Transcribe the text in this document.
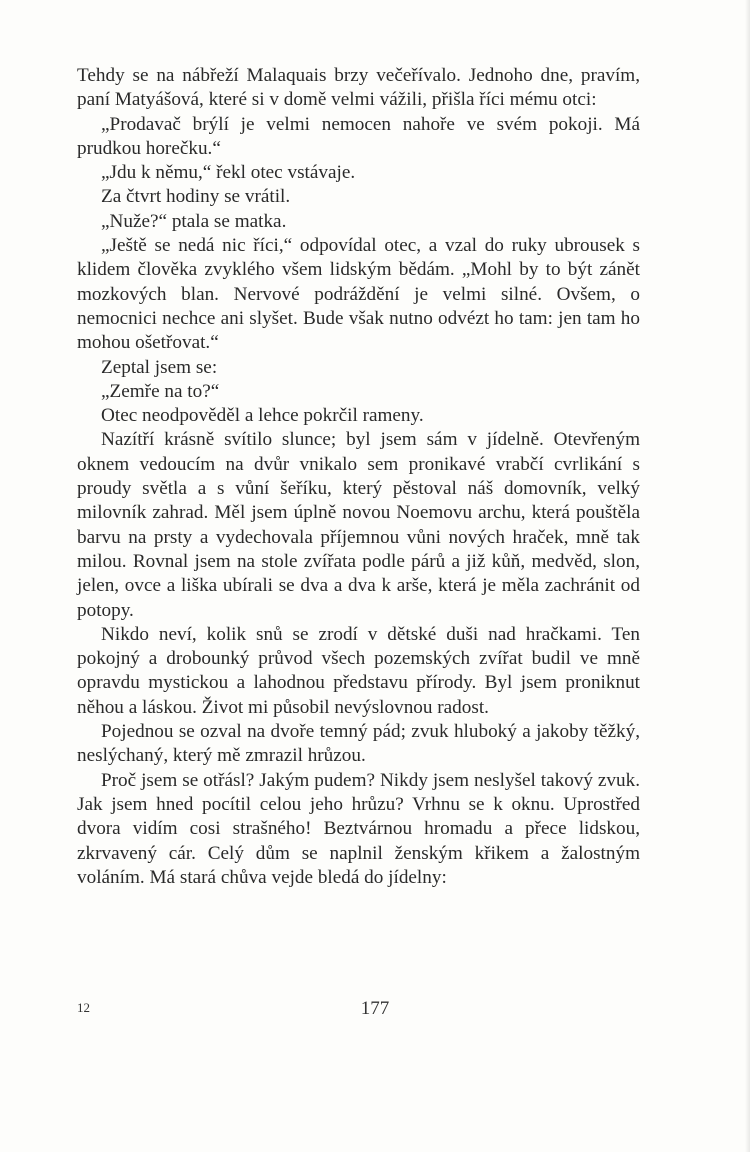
Tehdy se na nábřeží Malaquais brzy večeřívalo. Jednoho dne, pravím, paní Matyášová, které si v domě velmi vážili, přišla říci mému otci:

„Prodavač brýlí je velmi nemocen nahoře ve svém pokoji. Má prudkou horečku.“

„Jdu k němu,“ řekl otec vstávaje.

Za čtvrt hodiny se vrátil.

„Nuže?“ ptala se matka.

„Ještě se nedá nic říci,“ odpovídal otec, a vzal do ruky ubrousek s klidem člověka zvyklého všem lidským bědám. „Mohl by to být zánět mozkových blan. Nervové podráždění je velmi silné. Ovšem, o nemocnici nechce ani slyšet. Bude však nutno odvézt ho tam: jen tam ho mohou ošetřovat.“

Zeptal jsem se:

„Zemře na to?“

Otec neodpověděl a lehce pokrčil rameny.

Nazítří krásně svítilo slunce; byl jsem sám v jídelně. Otevřeným oknem vedoucím na dvůr vnikalo sem pronikavé vrabčí cvrlikání s proudy světla a s vůní šeříku, který pěstoval náš domovník, velký milovník zahrad. Měl jsem úplně novou Noemovu archu, která pouštěla barvu na prsty a vydechovala příjemnou vůni nových hraček, mně tak milou. Rovnal jsem na stole zvířata podle párů a již kůň, medvěd, slon, jelen, ovce a liška ubírali se dva a dva k arše, která je měla zachránit od potopy.

Nikdo neví, kolik snů se zrodí v dětské duši nad hračkami. Ten pokojný a drobounký průvod všech pozemských zvířat budil ve mně opravdu mystickou a lahodnou představu přírody. Byl jsem proniknut něhou a láskou. Život mi působil nevýslovnou radost.

Pojednou se ozval na dvoře temný pád; zvuk hluboký a jakoby těžký, neslýchaný, který mě zmrazil hrůzou.

Proč jsem se otřásl? Jakým pudem? Nikdy jsem neslyšel takový zvuk. Jak jsem hned pocítil celou jeho hrůzu? Vrhnu se k oknu. Uprostřed dvora vidím cosi strašného! Beztvárnou hromadu a přece lidskou, zkrvavený cár. Celý dům se naplnil ženským křikem a žalostným voláním. Má stará chůva vejde bledá do jídelny:

12	177
